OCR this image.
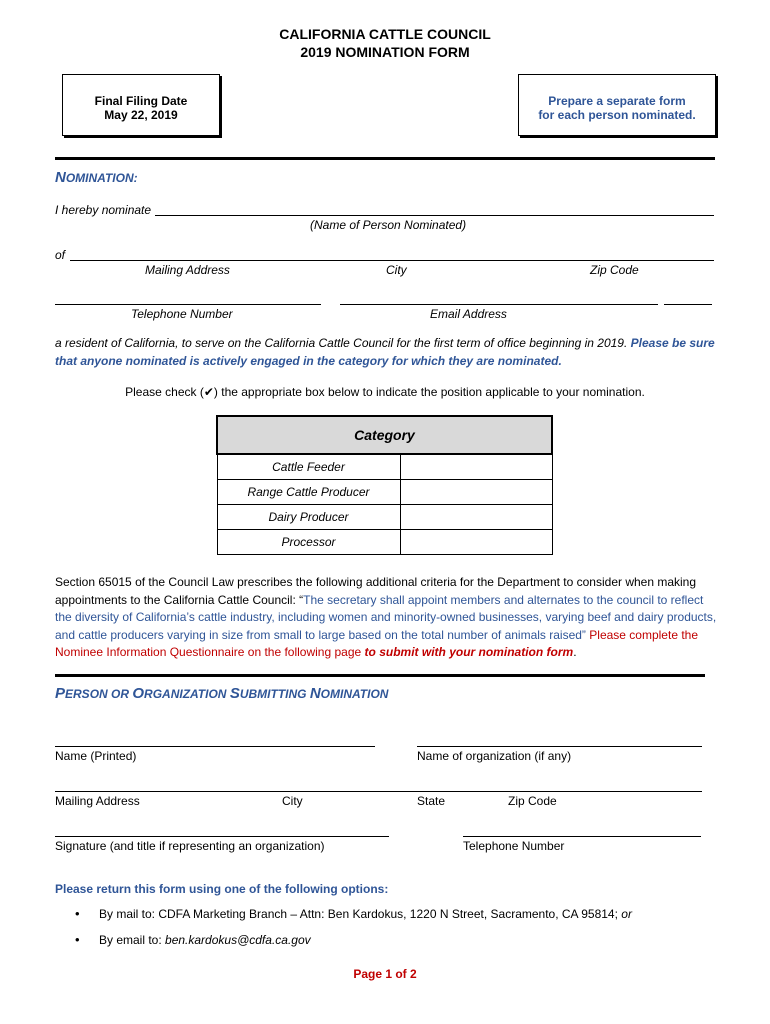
CALIFORNIA CATTLE COUNCIL
2019 NOMINATION FORM
Final Filing Date
May 22, 2019
Prepare a separate form
for each person nominated.
NOMINATION:
I hereby nominate
(Name of Person Nominated)
of
Mailing Address	City	Zip Code
Telephone Number	Email Address
a resident of California, to serve on the California Cattle Council for the first term of office beginning in 2019. Please be sure that anyone nominated is actively engaged in the category for which they are nominated.
Please check (✔) the appropriate box below to indicate the position applicable to your nomination.
Category	
Cattle Feeder	
Range Cattle Producer	
Dairy Producer	
Processor	
Section 65015 of the Council Law prescribes the following additional criteria for the Department to consider when making appointments to the California Cattle Council: “The secretary shall appoint members and alternates to the council to reflect the diversity of California’s cattle industry, including women and minority-owned businesses, varying beef and dairy products, and cattle producers varying in size from small to large based on the total number of animals raised” Please complete the Nominee Information Questionnaire on the following page to submit with your nomination form.
PERSON OR ORGANIZATION SUBMITTING NOMINATION
Name (Printed)	Name of organization (if any)
Mailing Address	City	State	Zip Code
Signature (and title if representing an organization)	Telephone Number
Please return this form using one of the following options:
• By mail to: CDFA Marketing Branch – Attn: Ben Kardokus, 1220 N Street, Sacramento, CA 95814; or
• By email to: ben.kardokus@cdfa.ca.gov
Page 1 of 2
